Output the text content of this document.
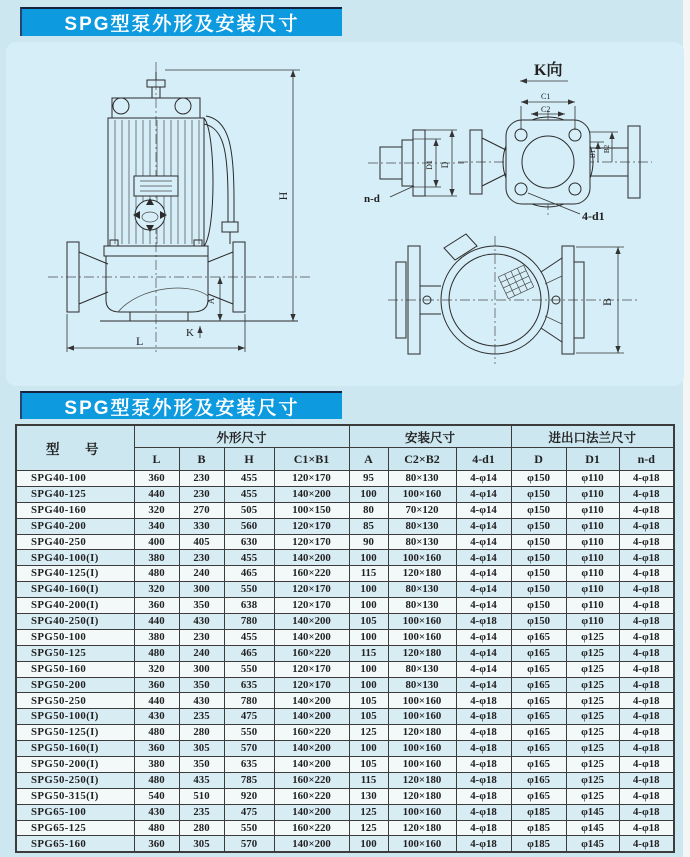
SPG型泵外形及安装尺寸
H
A
K
L
K向
D1 D
n-d
C1
C2
B1
B2
4-d1
B
SPG型泵外形及安装尺寸
型　号	外形尺寸				安装尺寸			进出口法兰尺寸		
	L	B	H	C1×B1	A	C2×B2	4-d1	D	D1	n-d
SPG40-100	360	230	455	120×170	95	80×130	4-φ14	φ150	φ110	4-φ18
SPG40-125	440	230	455	140×200	100	100×160	4-φ14	φ150	φ110	4-φ18
SPG40-160	320	270	505	100×150	80	70×120	4-φ14	φ150	φ110	4-φ18
SPG40-200	340	330	560	120×170	85	80×130	4-φ14	φ150	φ110	4-φ18
SPG40-250	400	405	630	120×170	90	80×130	4-φ14	φ150	φ110	4-φ18
SPG40-100(I)	380	230	455	140×200	100	100×160	4-φ14	φ150	φ110	4-φ18
SPG40-125(I)	480	240	465	160×220	115	120×180	4-φ14	φ150	φ110	4-φ18
SPG40-160(I)	320	300	550	120×170	100	80×130	4-φ14	φ150	φ110	4-φ18
SPG40-200(I)	360	350	638	120×170	100	80×130	4-φ14	φ150	φ110	4-φ18
SPG40-250(I)	440	430	780	140×200	105	100×160	4-φ18	φ150	φ110	4-φ18
SPG50-100	380	230	455	140×200	100	100×160	4-φ14	φ165	φ125	4-φ18
SPG50-125	480	240	465	160×220	115	120×180	4-φ14	φ165	φ125	4-φ18
SPG50-160	320	300	550	120×170	100	80×130	4-φ14	φ165	φ125	4-φ18
SPG50-200	360	350	635	120×170	100	80×130	4-φ14	φ165	φ125	4-φ18
SPG50-250	440	430	780	140×200	105	100×160	4-φ18	φ165	φ125	4-φ18
SPG50-100(I)	430	235	475	140×200	105	100×160	4-φ18	φ165	φ125	4-φ18
SPG50-125(I)	480	280	550	160×220	125	120×180	4-φ18	φ165	φ125	4-φ18
SPG50-160(I)	360	305	570	140×200	100	100×160	4-φ18	φ165	φ125	4-φ18
SPG50-200(I)	380	350	635	140×200	105	100×160	4-φ18	φ165	φ125	4-φ18
SPG50-250(I)	480	435	785	160×220	115	120×180	4-φ18	φ165	φ125	4-φ18
SPG50-315(I)	540	510	920	160×220	130	120×180	4-φ18	φ165	φ125	4-φ18
SPG65-100	430	235	475	140×200	125	100×160	4-φ18	φ185	φ145	4-φ18
SPG65-125	480	280	550	160×220	125	120×180	4-φ18	φ185	φ145	4-φ18
SPG65-160	360	305	570	140×200	100	100×160	4-φ18	φ185	φ145	4-φ18
